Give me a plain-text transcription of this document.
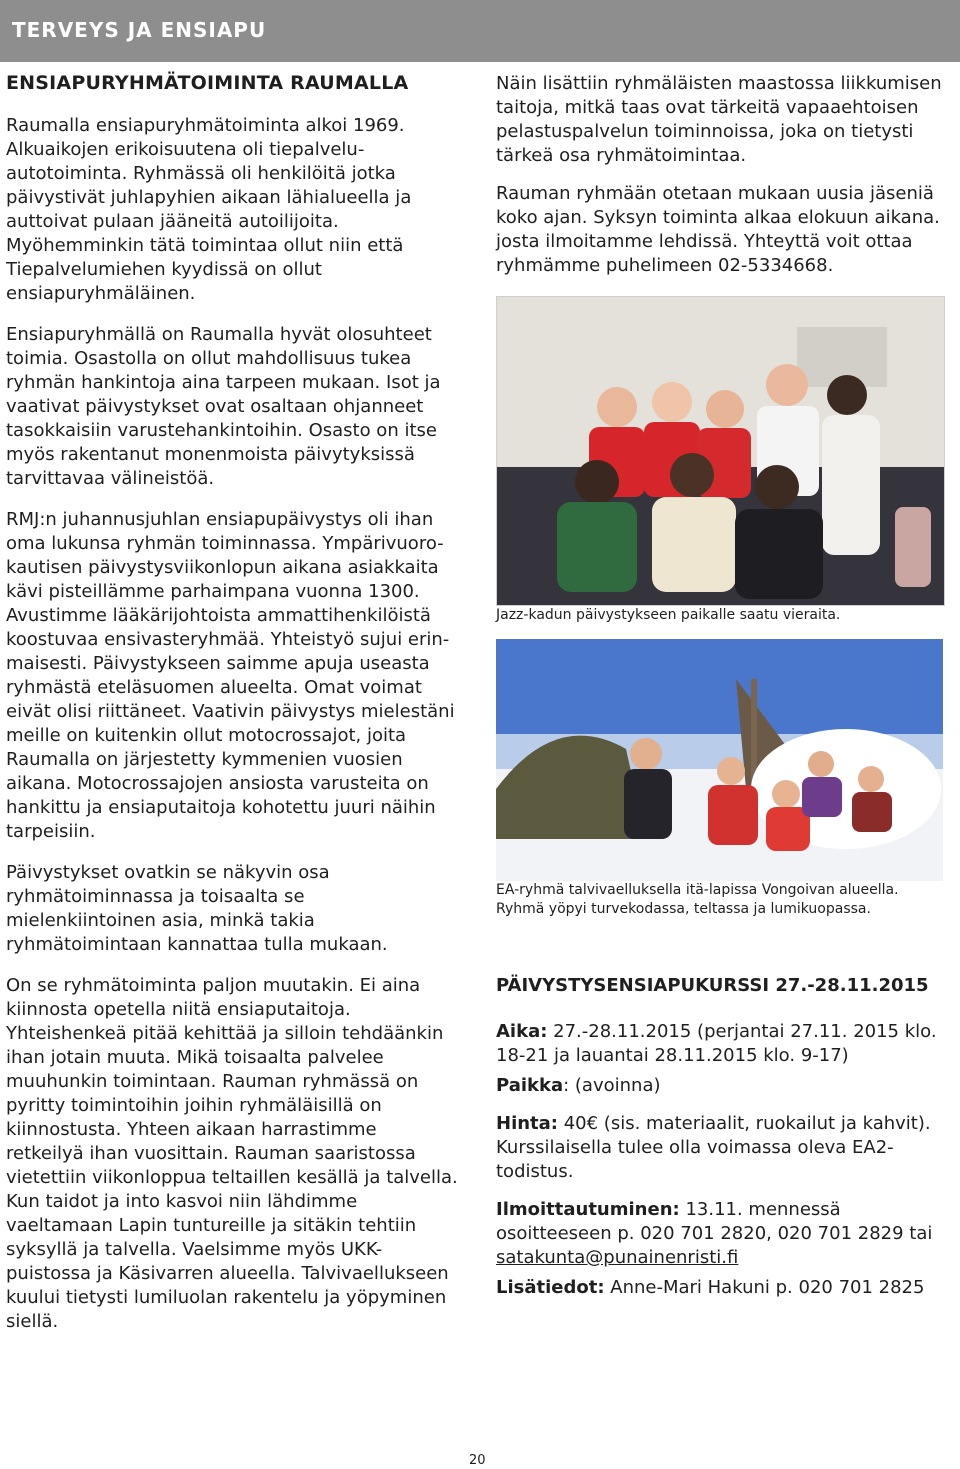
TERVEYS JA ENSIAPU
ENSIAPURYHMÄTOIMINTA RAUMALLA

Raumalla ensiapuryhmätoiminta alkoi 1969. Alkuaikojen erikoisuutena oli tiepalvelu-autotoiminta. Ryhmässä oli henkilöitä jotka päivystivät juhlapyhien aikaan lähialueella ja auttoivat pulaan jääneitä autoilijoita. Myöhemminkin tätä toimintaa ollut niin että Tiepalvelumiehen kyydissä on ollut ensiapuryhmäläinen.

Ensiapuryhmällä on Raumalla hyvät olosuhteet toimia. Osastolla on ollut mahdollisuus tukea ryhmän hankintoja aina tarpeen mukaan. Isot ja vaativat päivystykset ovat osaltaan ohjanneet tasokkaisiin varustehankintoihin. Osasto on itse myös rakentanut monenmoista päivytyksissä tarvittavaa välineistöä.

RMJ:n juhannusjuhlan ensiapupäivystys oli ihan oma lukunsa ryhmän toiminnassa. Ympärivuoro-kautisen päivystysviikonlopun aikana asiakkaita kävi pisteillämme parhaimpana vuonna 1300. Avustimme lääkärijohtoista ammattihenkilöistä koostuvaa ensivasteryhmää. Yhteistyö sujui erin-maisesti. Päivystykseen saimme apuja useasta ryhmästä eteläsuomen alueelta. Omat voimat eivät olisi riittäneet. Vaativin päivystys mielestäni meille on kuitenkin ollut motocrossajot, joita Raumalla on järjestetty kymmenien vuosien aikana. Motocrossajojen ansiosta varusteita on hankittu ja ensiaputaitoja kohotettu juuri näihin tarpeisiin.

Päivystykset ovatkin se näkyvin osa ryhmätoiminnassa ja toisaalta se mielenkiintoinen asia, minkä takia ryhmätoimintaan kannattaa tulla mukaan.

On se ryhmätoiminta paljon muutakin. Ei aina kiinnosta opetella niitä ensiaputaitoja. Yhteishenkeä pitää kehittää ja silloin tehdäänkin ihan jotain muuta. Mikä toisaalta palvelee muuhunkin toimintaan. Rauman ryhmässä on pyritty toimintoihin joihin ryhmäläisillä on kiinnostusta. Yhteen aikaan harrastimme retkeilyä ihan vuosittain. Rauman saaristossa vietettiin viikonloppua teltaillen kesällä ja talvella. Kun taidot ja into kasvoi niin lähdimme vaeltamaan Lapin tuntureille ja sitäkin tehtiin syksyllä ja talvella. Vaelsimme myös UKK-puistossa ja Käsivarren alueella. Talvivaellukseen kuului tietysti lumiluolan rakentelu ja yöpyminen siellä.

Näin lisättiin ryhmäläisten maastossa liikkumisen taitoja, mitkä taas ovat tärkeitä vapaaehtoisen pelastuspalvelun toiminnoissa, joka on tietysti tärkeä osa ryhmätoimintaa.

Rauman ryhmään otetaan mukaan uusia jäseniä koko ajan. Syksyn toiminta alkaa elokuun aikana. josta ilmoitamme lehdissä. Yhteyttä voit ottaa ryhmämme puhelimeen 02-5334668.

Jazz-kadun päivystykseen paikalle saatu vieraita.

EA-ryhmä talvivaelluksella itä-lapissa Vongoivan alueella. Ryhmä yöpyi turvekodassa, teltassa ja lumikuopassa.

PÄIVYSTYSENSIAPUKURSSI 27.-28.11.2015

Aika: 27.-28.11.2015 (perjantai 27.11. 2015 klo. 18-21 ja lauantai 28.11.2015 klo. 9-17)

Paikka: (avoinna)

Hinta: 40€ (sis. materiaalit, ruokailut ja kahvit). Kurssilaisella tulee olla voimassa oleva EA2-todistus.

Ilmoittautuminen: 13.11. mennessä osoitteeseen p. 020 701 2820, 020 701 2829 tai satakunta@punainenristi.fi

Lisätiedot: Anne-Mari Hakuni p. 020 701 2825

20
